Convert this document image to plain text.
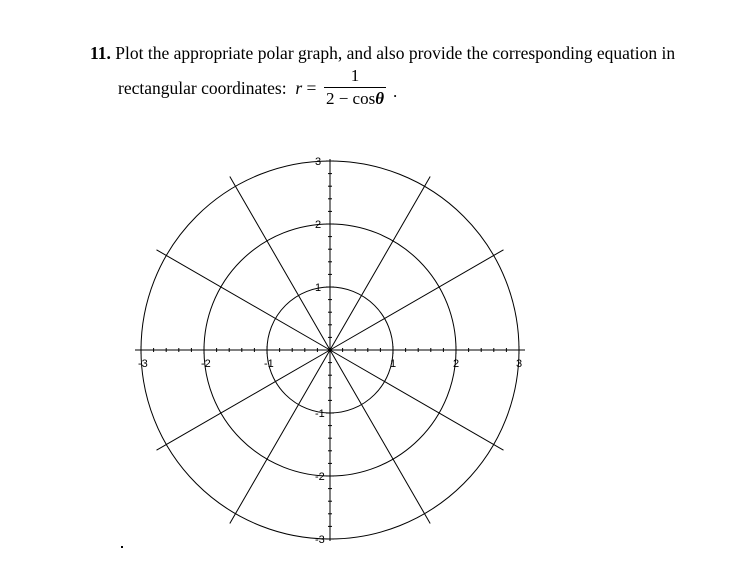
11. Plot the appropriate polar graph, and also provide the corresponding equation in
rectangular coordinates: r =
1
2 − cosθ .
-3	-2	-1	1	2	3
3
2
1
-1
-2
-3
